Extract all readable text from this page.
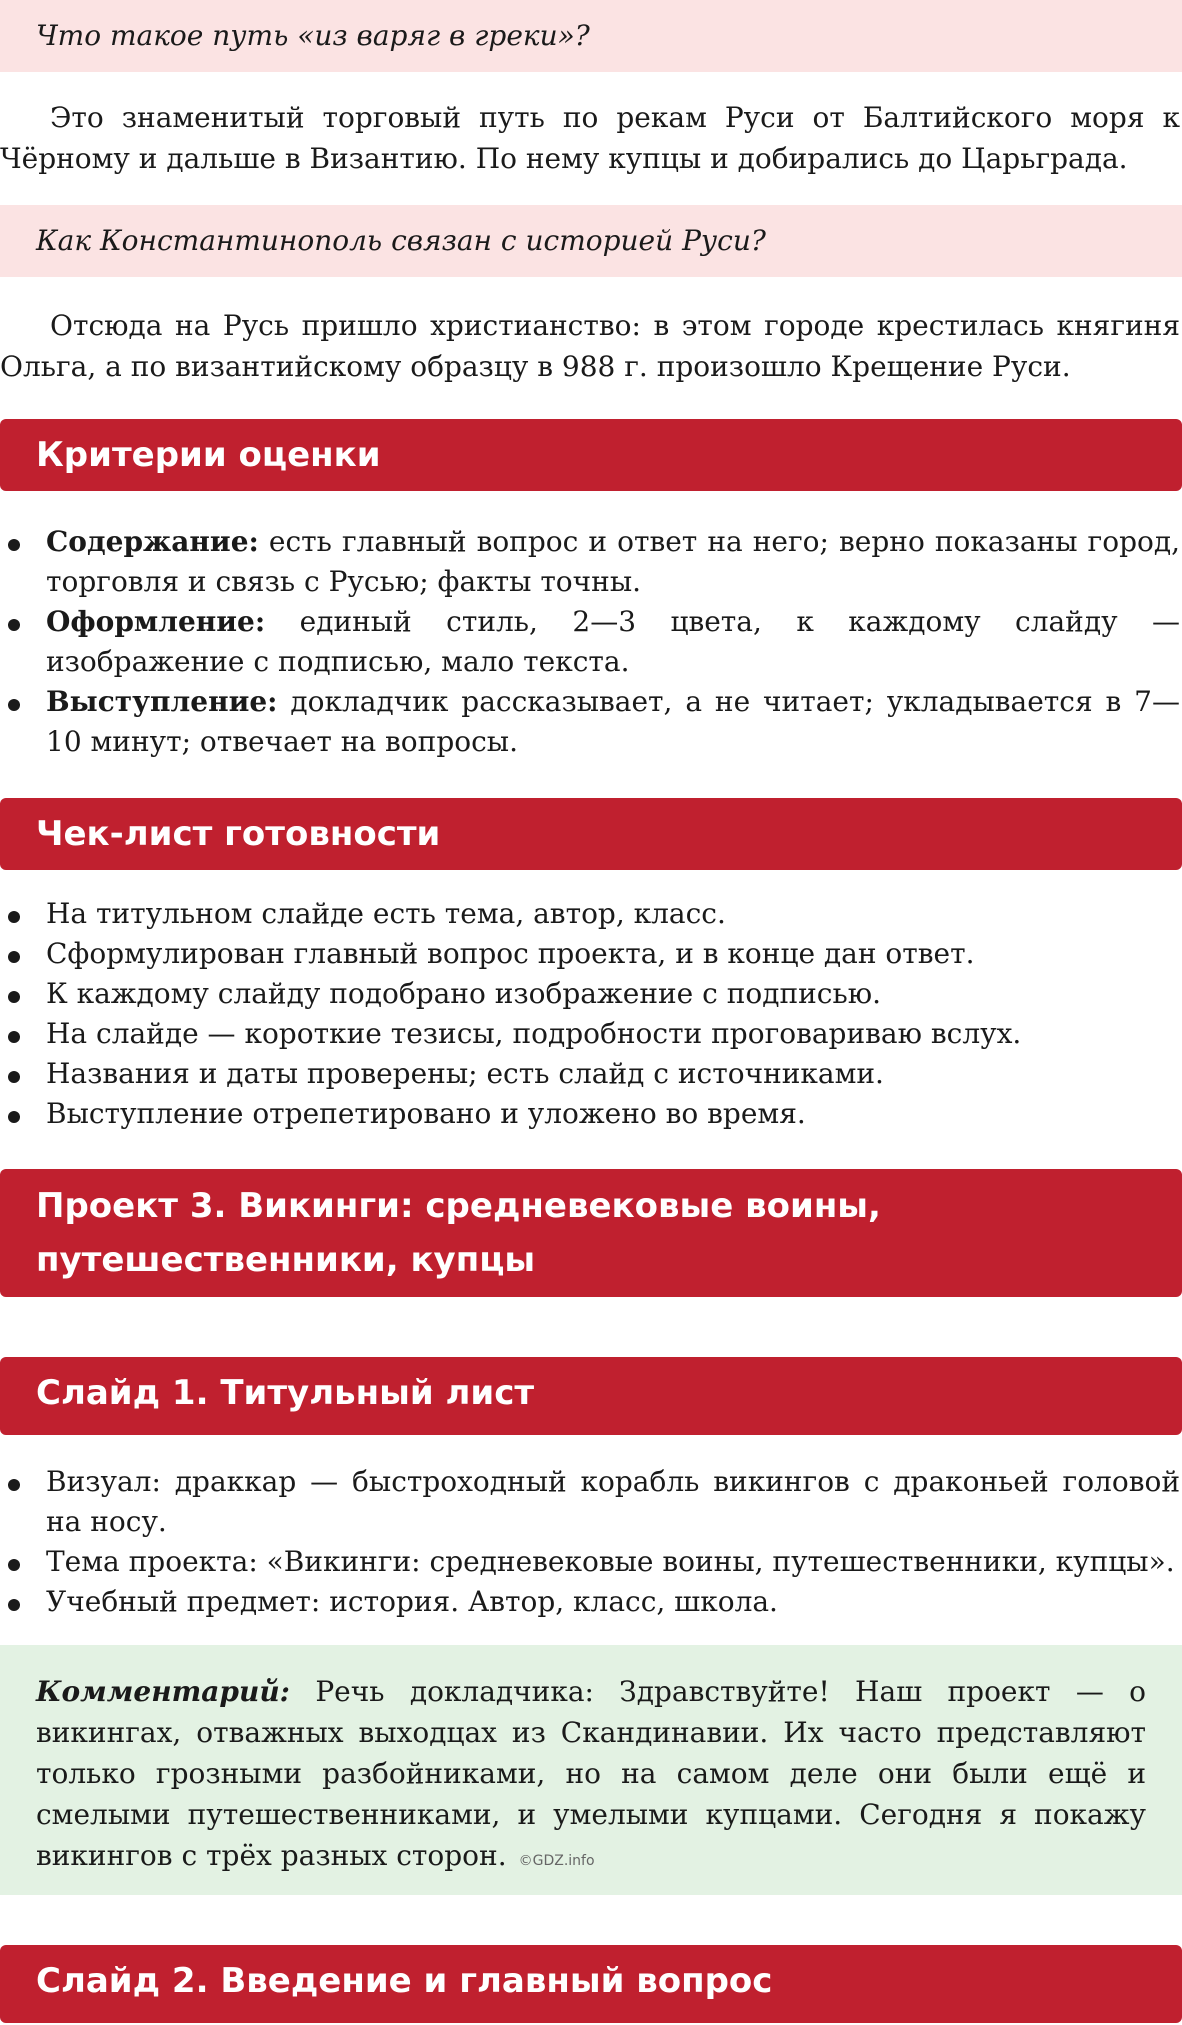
Что такое путь «из варяг в греки»?

Это знаменитый торговый путь по рекам Руси от Балтийского моря к Чёрному и дальше в Византию. По нему купцы и добирались до Царьграда.

Как Константинополь связан с историей Руси?

Отсюда на Русь пришло христианство: в этом городе крестилась княгиня Ольга, а по византийскому образцу в 988 г. произошло Крещение Руси.

Критерии оценки
Содержание: есть главный вопрос и ответ на него; верно показаны город, торговля и связь с Русью; факты точны.
Оформление: единый стиль, 2—3 цвета, к каждому слайду — изображение с подписью, мало текста.
Выступление: докладчик рассказывает, а не читает; укладывается в 7—10 минут; отвечает на вопросы.
Чек-лист готовности
На титульном слайде есть тема, автор, класс.
Сформулирован главный вопрос проекта, и в конце дан ответ.
К каждому слайду подобрано изображение с подписью.
На слайде — короткие тезисы, подробности проговариваю вслух.
Названия и даты проверены; есть слайд с источниками.
Выступление отрепетировано и уложено во время.
Проект 3. Викинги: средневековые воины, путешественники, купцы
Слайд 1. Титульный лист
Визуал: драккар — быстроходный корабль викингов с драконьей головой на носу.
Тема проекта: «Викинги: средневековые воины, путешественники, купцы».
Учебный предмет: история. Автор, класс, школа.
Комментарий: Речь докладчика: Здравствуйте! Наш проект — о викингах, отважных выходцах из Скандинавии. Их часто представляют только грозными разбойниками, но на самом деле они были ещё и смелыми путешественниками, и умелыми купцами. Сегодня я покажу викингов с трёх разных сторон. ©GDZ.info
Слайд 2. Введение и главный вопрос
